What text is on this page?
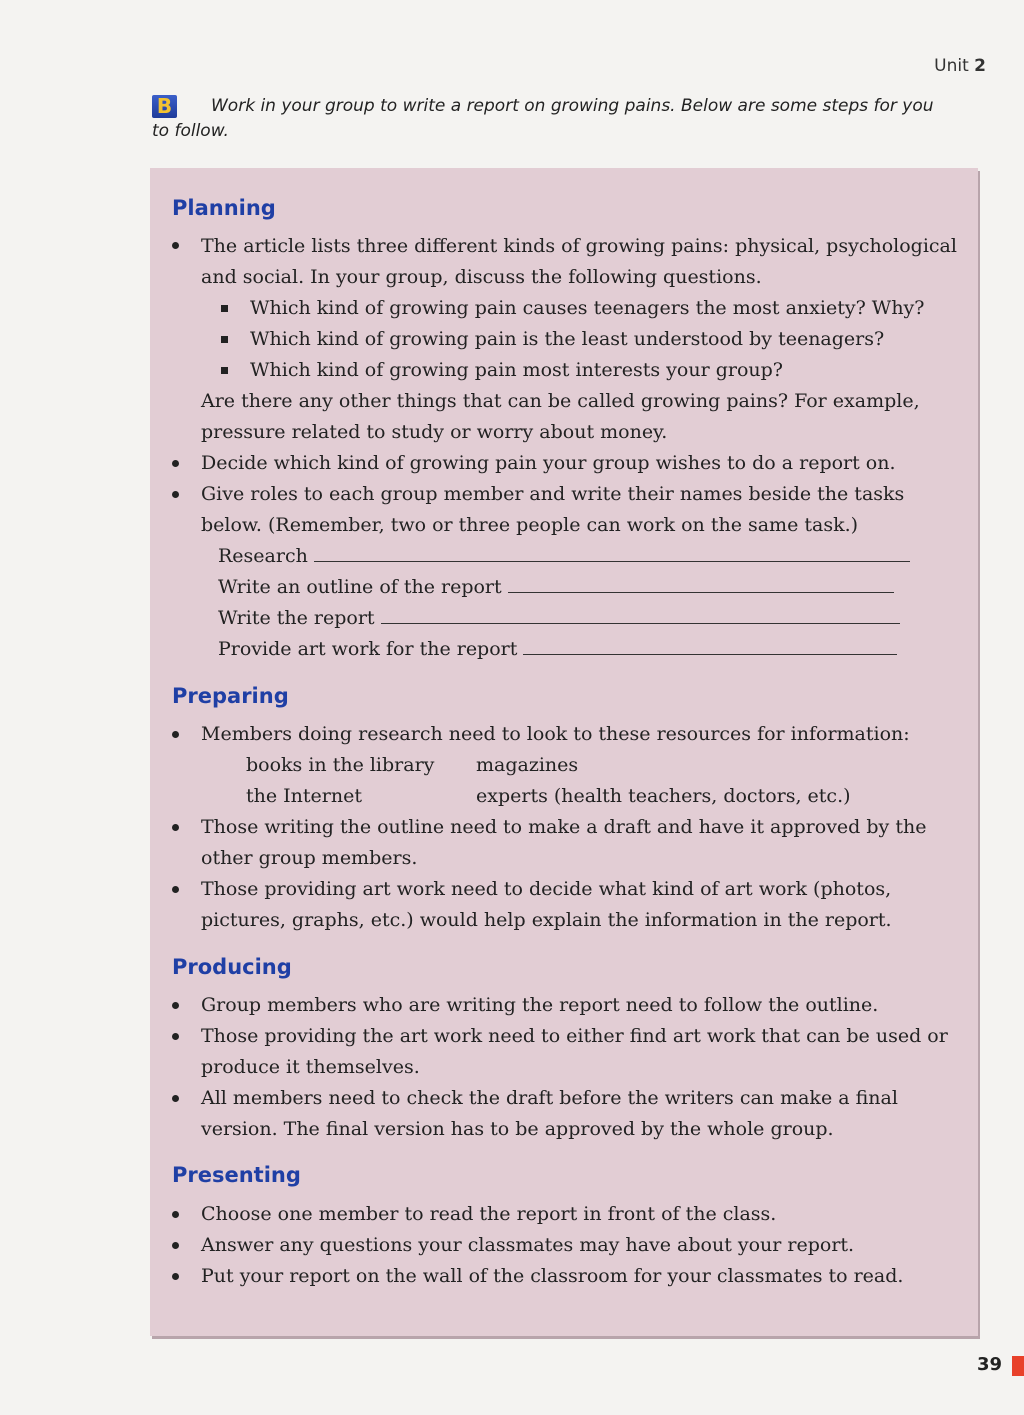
Unit 2
B Work in your group to write a report on growing pains. Below are some steps for you to follow.
Planning
The article lists three different kinds of growing pains: physical, psychological
and social. In your group, discuss the following questions.
Which kind of growing pain causes teenagers the most anxiety? Why?
Which kind of growing pain is the least understood by teenagers?
Which kind of growing pain most interests your group?
Are there any other things that can be called growing pains? For example,
pressure related to study or worry about money.
Decide which kind of growing pain your group wishes to do a report on.
Give roles to each group member and write their names beside the tasks
below. (Remember, two or three people can work on the same task.)
Research
Write an outline of the report
Write the report
Provide art work for the report
Preparing
Members doing research need to look to these resources for information:
books in the library magazines
the Internet	experts (health teachers, doctors, etc.)
Those writing the outline need to make a draft and have it approved by the
other group members.
Those providing art work need to decide what kind of art work (photos,
pictures, graphs, etc.) would help explain the information in the report.
Producing
Group members who are writing the report need to follow the outline.
Those providing the art work need to either find art work that can be used or
produce it themselves.
All members need to check the draft before the writers can make a final
version. The final version has to be approved by the whole group.
Presenting
Choose one member to read the report in front of the class.
Answer any questions your classmates may have about your report.
Put your report on the wall of the classroom for your classmates to read.
39
